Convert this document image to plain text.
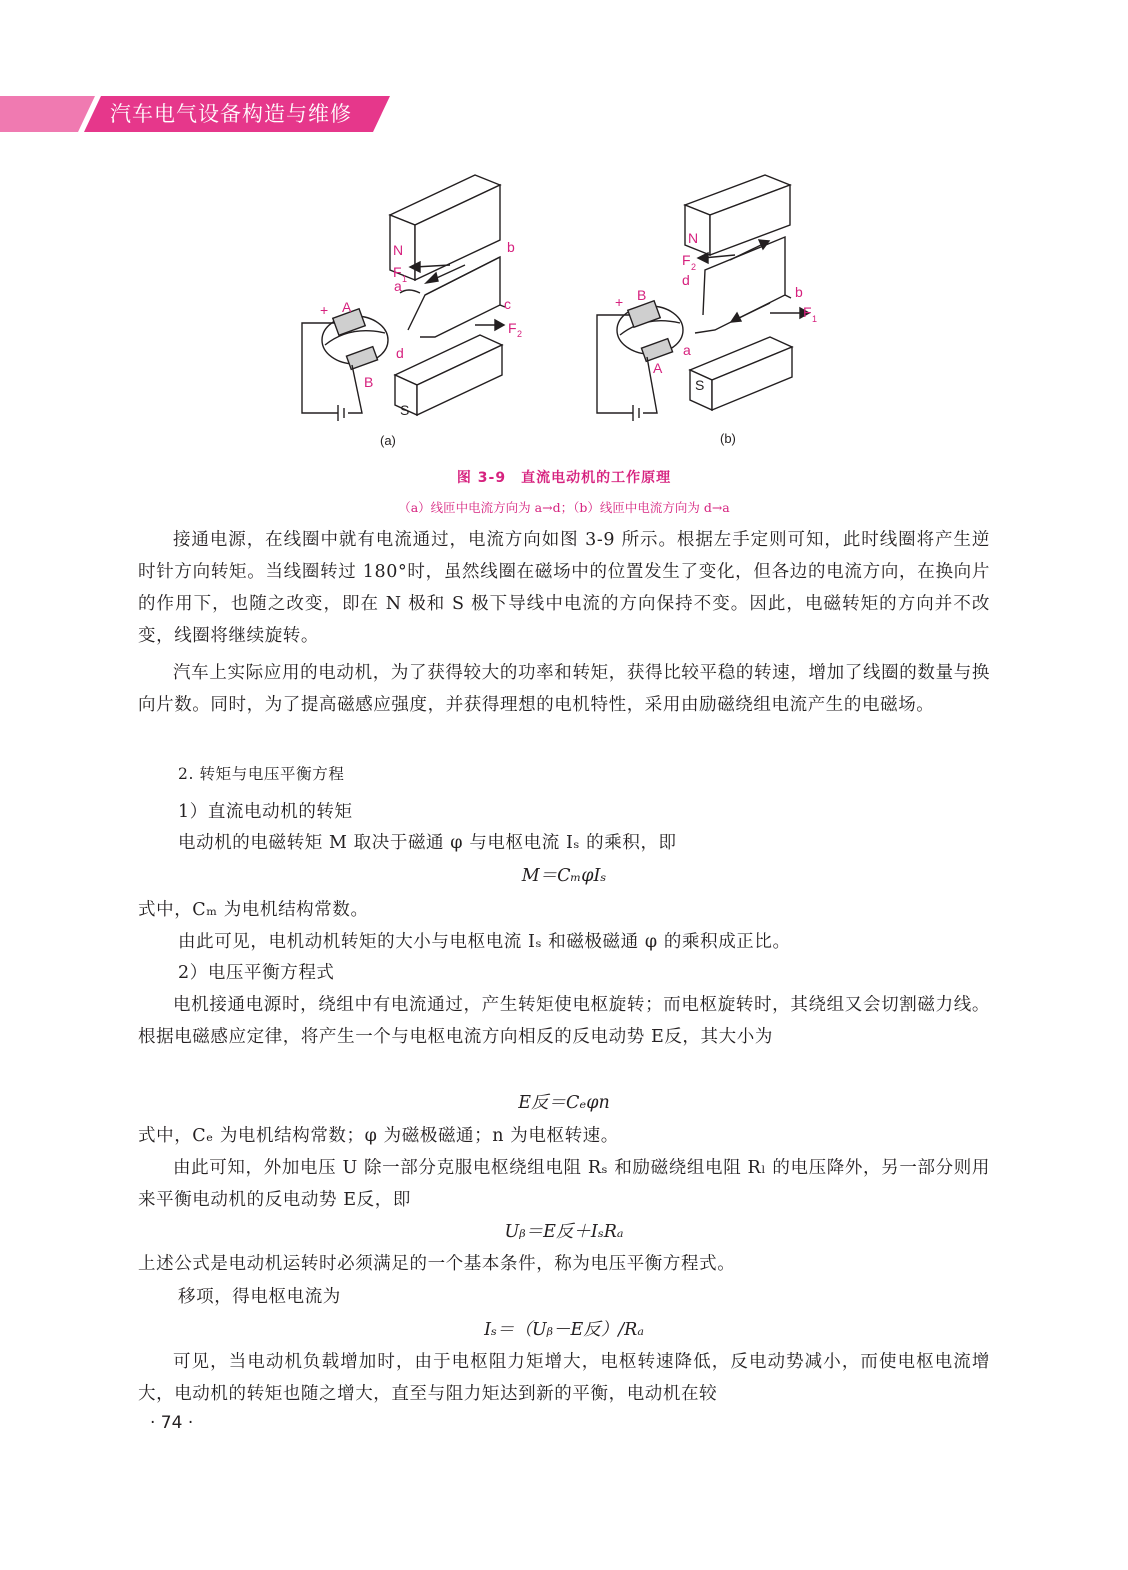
汽车电气设备构造与维修
N
S
A
B
a
b
c
d
F 1
F 2
+
(a)
N
S
B
A
a
b
d
F 2
F 1
+
(b)
图 3-9　直流电动机的工作原理
（a）线匝中电流方向为 a→d；（b）线匝中电流方向为 d→a
接通电源，在线圈中就有电流通过，电流方向如图 3-9 所示。根据左手定则可知，此时线圈将产生逆时针方向转矩。当线圈转过 180°时，虽然线圈在磁场中的位置发生了变化，但各边的电流方向，在换向片的作用下，也随之改变，即在 N 极和 S 极下导线中电流的方向保持不变。因此，电磁转矩的方向并不改变，线圈将继续旋转。
汽车上实际应用的电动机，为了获得较大的功率和转矩，获得比较平稳的转速，增加了线圈的数量与换向片数。同时，为了提高磁感应强度，并获得理想的电机特性，采用由励磁绕组电流产生的电磁场。
2. 转矩与电压平衡方程
1）直流电动机的转矩
电动机的电磁转矩 M 取决于磁通 φ 与电枢电流 Iₛ 的乘积，即
M＝CₘφIₛ
式中，Cₘ 为电机结构常数。
由此可见，电机动机转矩的大小与电枢电流 Iₛ 和磁极磁通 φ 的乘积成正比。
2）电压平衡方程式
电机接通电源时，绕组中有电流通过，产生转矩使电枢旋转；而电枢旋转时，其绕组又会切割磁力线。根据电磁感应定律，将产生一个与电枢电流方向相反的反电动势 E反，其大小为
E反＝Cₑφn
式中，Cₑ 为电机结构常数；φ 为磁极磁通；n 为电枢转速。
由此可知，外加电压 U 除一部分克服电枢绕组电阻 Rₛ 和励磁绕组电阻 Rₗ 的电压降外，另一部分则用来平衡电动机的反电动势 E反，即
Uᵦ＝E反＋IₛRₐ
上述公式是电动机运转时必须满足的一个基本条件，称为电压平衡方程式。
移项，得电枢电流为
Iₛ＝（Uᵦ－E反）/Rₐ
可见，当电动机负载增加时，由于电枢阻力矩增大，电枢转速降低，反电动势减小，而使电枢电流增大，电动机的转矩也随之增大，直至与阻力矩达到新的平衡，电动机在较
· 74 ·
